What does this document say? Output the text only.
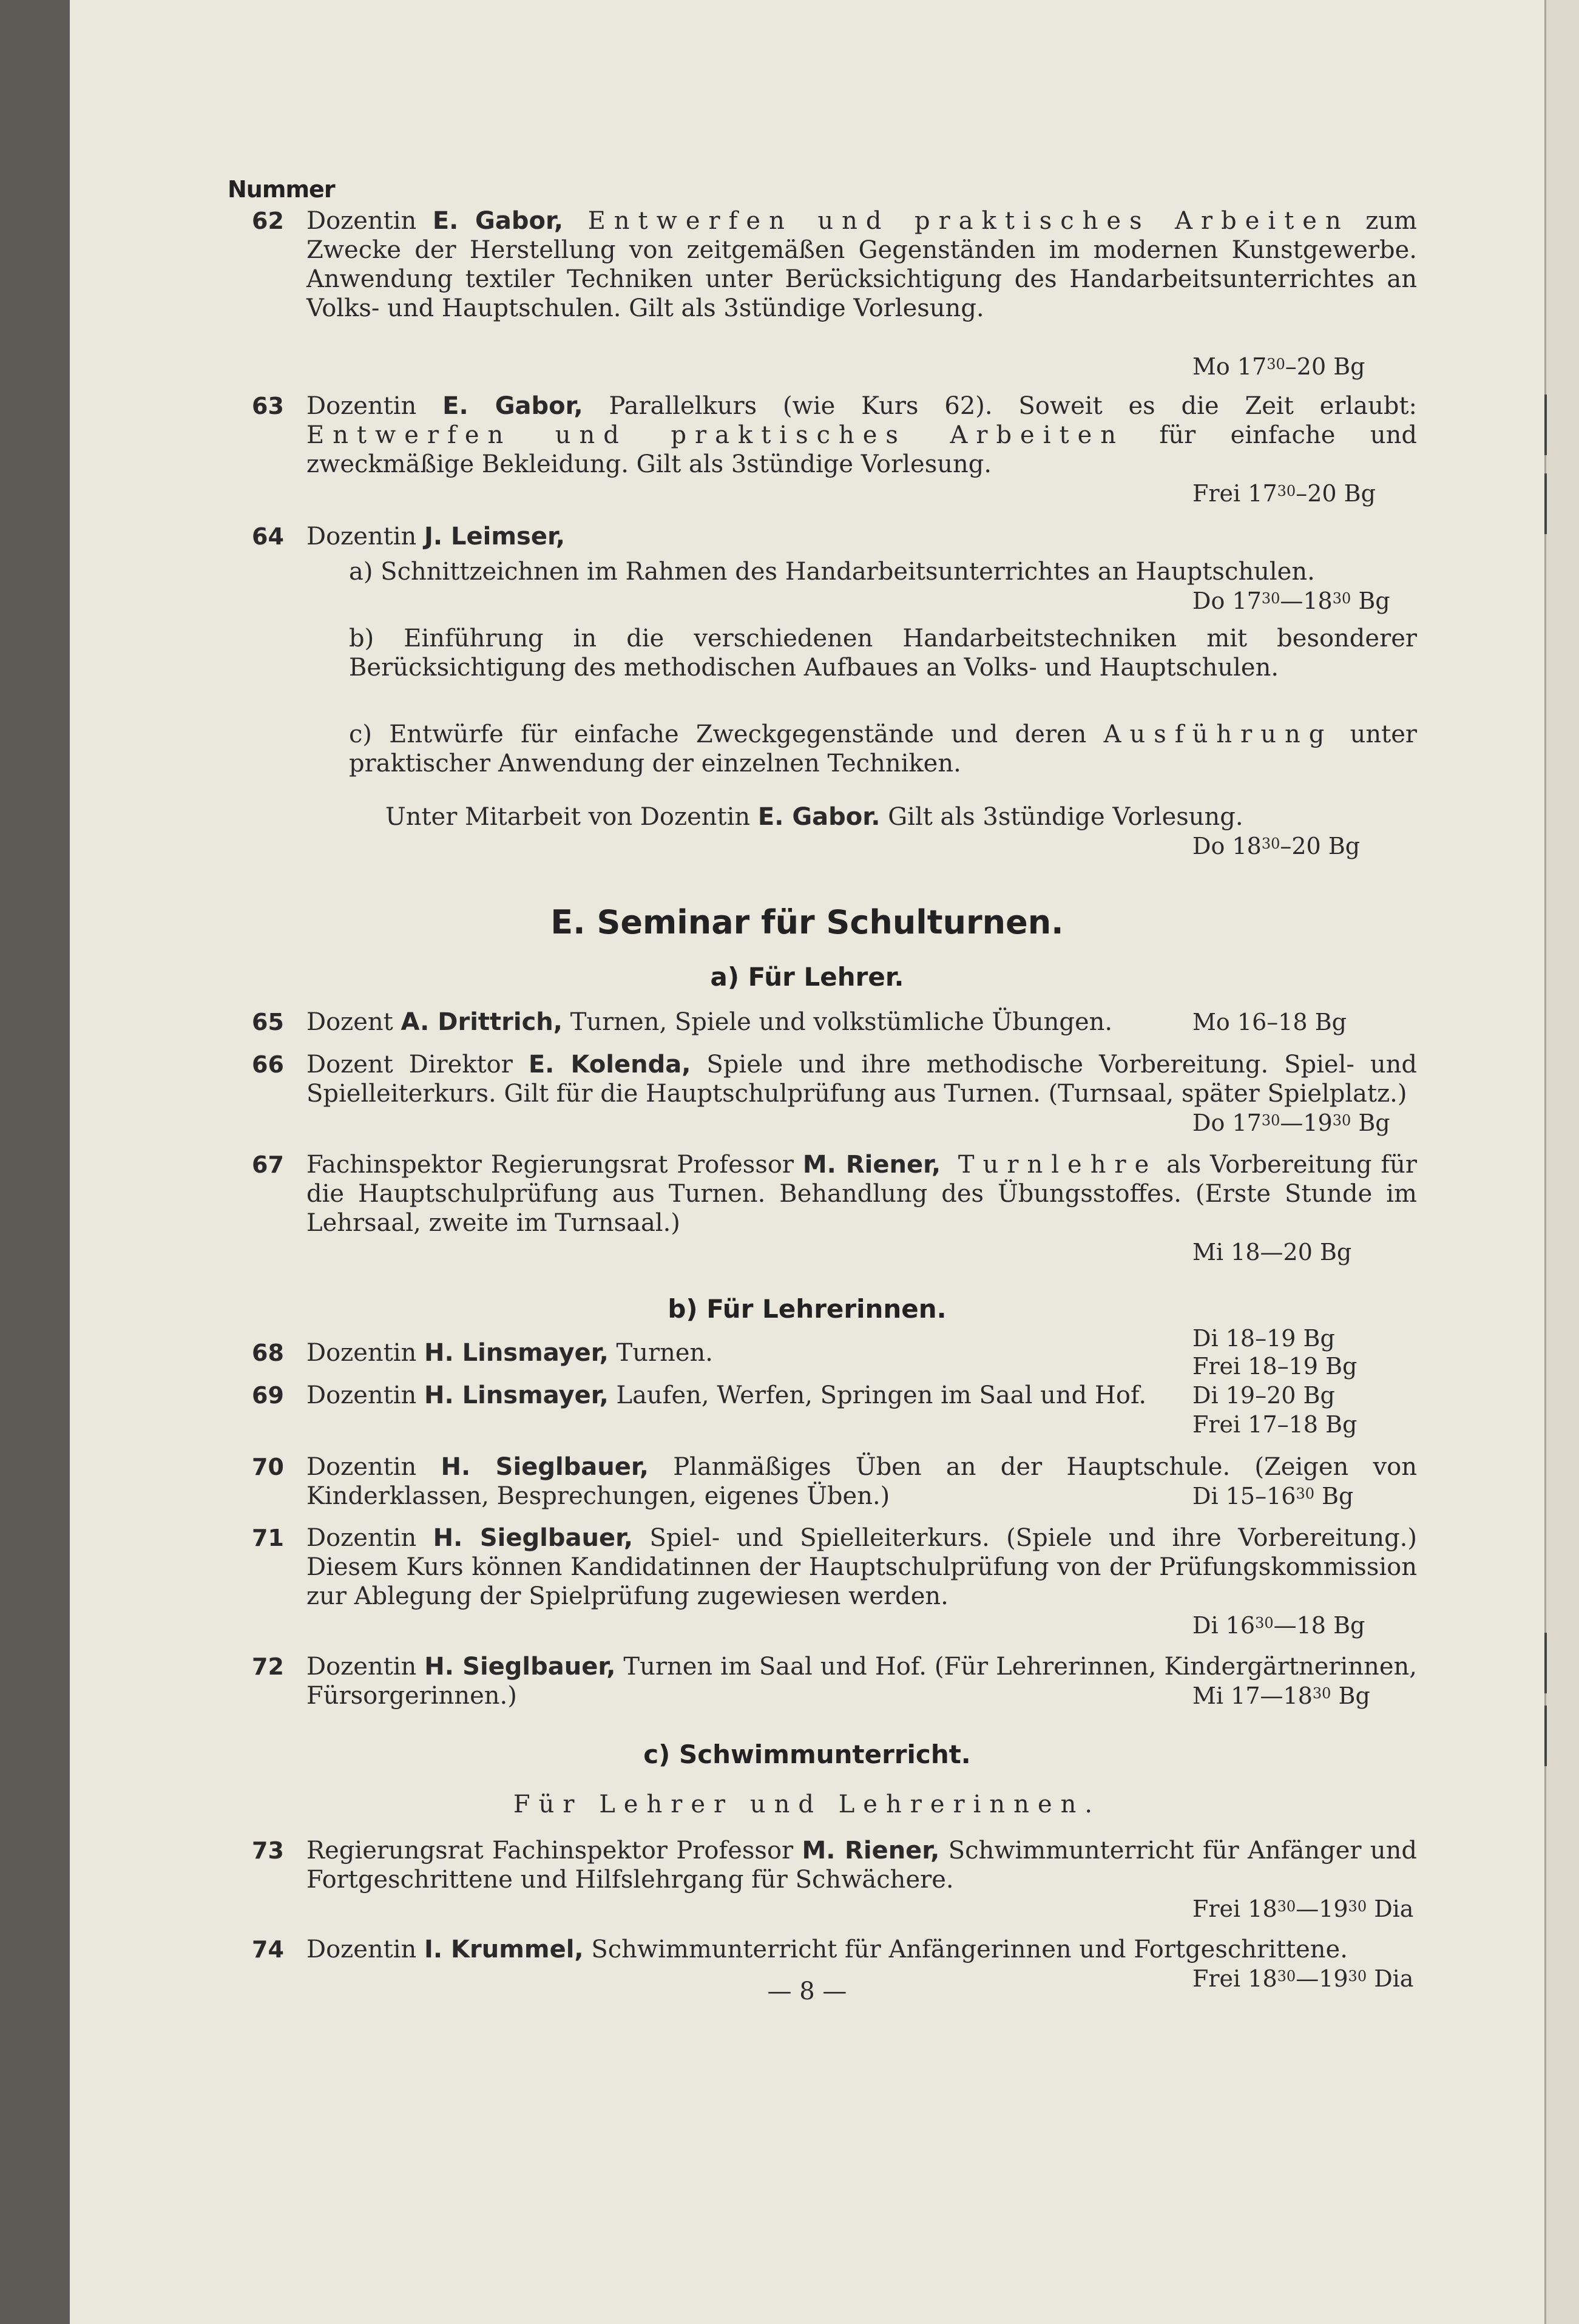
Nummer
62 Dozentin E. Gabor, Entwerfen und praktisches Arbeiten zum Zwecke der Herstellung von zeitgemäßen Gegenständen im modernen Kunstgewerbe. Anwendung textiler Techniken unter Berücksichtigung des Handarbeitsunterrichtes an Volks- und Hauptschulen. Gilt als 3stündige Vorlesung.
Mo $17^{30}-20$ Bg
63 Dozentin E. Gabor, Parallelkurs (wie Kurs 62). Soweit es die Zeit erlaubt: Entwerfen und praktisches Arbeiten für einfache und zweckmäßige Bekleidung. Gilt als 3stündige Vorlesung.
Frei $17^{30}-20$ Bg
64 Dozentin J. Leimser,
a) Schnittzeichnen im Rahmen des Handarbeitsunterrichtes an Hauptschulen.
Do $17^{30}—18^{30}$ Bg
b) Einführung in die verschiedenen Handarbeitstechniken mit besonderer Berücksichtigung des methodischen Aufbaues an Volks- und Hauptschulen.
c) Entwürfe für einfache Zweckgegenstände und deren Ausführung unter praktischer Anwendung der einzelnen Techniken.
Unter Mitarbeit von Dozentin E. Gabor. Gilt als 3stündige Vorlesung.
Do $18^{30}-20$ Bg
E. Seminar für Schulturnen.
a) Für Lehrer.
65 Dozent A. Drittrich, Turnen, Spiele und volkstümliche Übungen.	Mo 16–18 Bg
66 Dozent Direktor E. Kolenda, Spiele und ihre methodische Vorbereitung. Spiel- und Spielleiterkurs. Gilt für die Hauptschulprüfung aus Turnen. (Turnsaal, später Spielplatz.)
Do $17^{30}—19^{30}$ Bg
67 Fachinspektor Regierungsrat Professor M. Riener, Turnlehre als Vorbereitung für die Hauptschulprüfung aus Turnen. Behandlung des Übungsstoffes. (Erste Stunde im Lehrsaal, zweite im Turnsaal.)
Mi 18—20 Bg
b) Für Lehrerinnen.
68 Dozentin H. Linsmayer, Turnen.
Di 18–19 Bg
Frei 18–19 Bg
69 Dozentin H. Linsmayer, Laufen, Werfen, Springen im Saal und Hof.	Di 19–20 Bg
Frei 17–18 Bg
70 Dozentin H. Sieglbauer, Planmäßiges Üben an der Hauptschule. (Zeigen von Kinderklassen, Besprechungen, eigenes Üben.)	Di $15-16^{30}$ Bg
71 Dozentin H. Sieglbauer, Spiel- und Spielleiterkurs. (Spiele und ihre Vorbereitung.) Diesem Kurs können Kandidatinnen der Hauptschulprüfung von der Prüfungskommission zur Ablegung der Spielprüfung zugewiesen werden.
Di $16^{30}—18$ Bg
72 Dozentin H. Sieglbauer, Turnen im Saal und Hof. (Für Lehrerinnen, Kindergärtnerinnen, Fürsorgerinnen.)	Mi $17—18^{30}$ Bg
c) Schwimmunterricht.
Für Lehrer und Lehrerinnen.
73 Regierungsrat Fachinspektor Professor M. Riener, Schwimmunterricht für Anfänger und Fortgeschrittene und Hilfslehrgang für Schwächere.
Frei $18^{30}—19^{30}$ Dia
74 Dozentin I. Krummel, Schwimmunterricht für Anfängerinnen und Fortgeschrittene.
Frei $18^{30}—19^{30}$ Dia
— 8 —
